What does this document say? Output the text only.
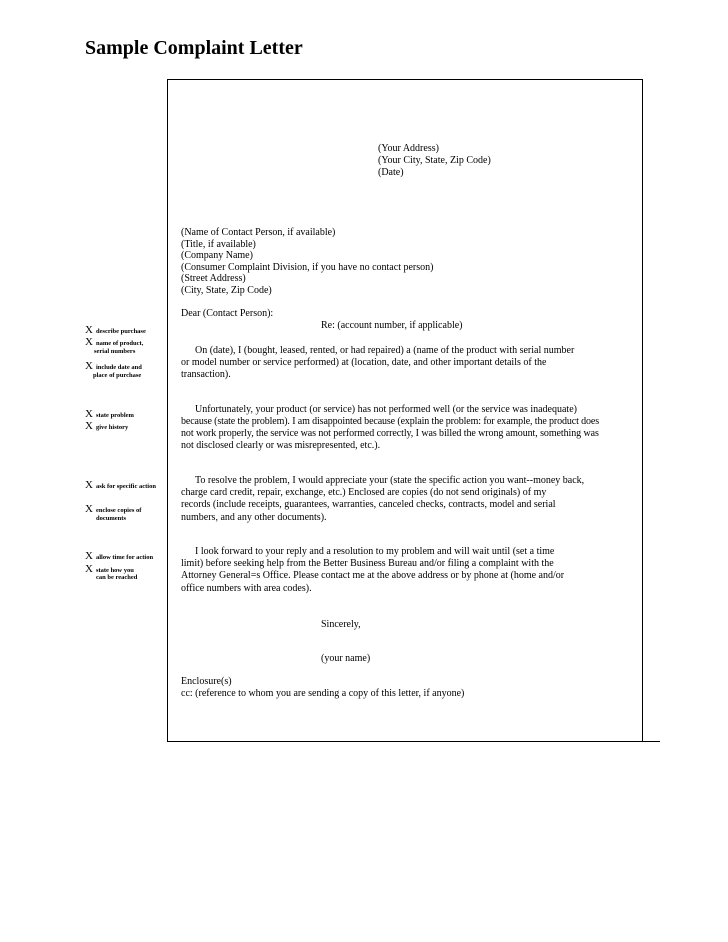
Sample Complaint Letter
(Your Address)
(Your City, State, Zip Code)
(Date)
(Name of Contact Person, if available)
(Title, if available)
(Company Name)
(Consumer Complaint Division, if you have no contact person)
(Street Address)
(City, State, Zip Code)
Dear (Contact Person):
Re: (account number, if applicable)
On (date), I (bought, leased, rented, or had repaired) a (name of the product with serial number
or model number or service performed) at (location, date, and other important details of the
transaction).
Unfortunately, your product (or service) has not performed well (or the service was inadequate)
because (state the problem). I am disappointed because (explain the problem: for example, the product does
not work properly, the service was not performed correctly, I was billed the wrong amount, something was
not disclosed clearly or was misrepresented, etc.).
To resolve the problem, I would appreciate your (state the specific action you want--money back,
charge card credit, repair, exchange, etc.) Enclosed are copies (do not send originals) of my
records (include receipts, guarantees, warranties, canceled checks, contracts, model and serial
numbers, and any other documents).
I look forward to your reply and a resolution to my problem and will wait until (set a time
limit) before seeking help from the Better Business Bureau and/or filing a complaint with the
Attorney General=s Office. Please contact me at the above address or by phone at (home and/or
office numbers with area codes).
Sincerely,
(your name)
Enclosure(s)
cc: (reference to whom you are sending a copy of this letter, if anyone)
Xdescribe purchase
Xname of product,
serial numbers
Xinclude date and
place of purchase
Xstate problem
Xgive history
Xask for specific action
Xenclose copies of
documents
Xallow time for action
Xstate how you
can be reached
